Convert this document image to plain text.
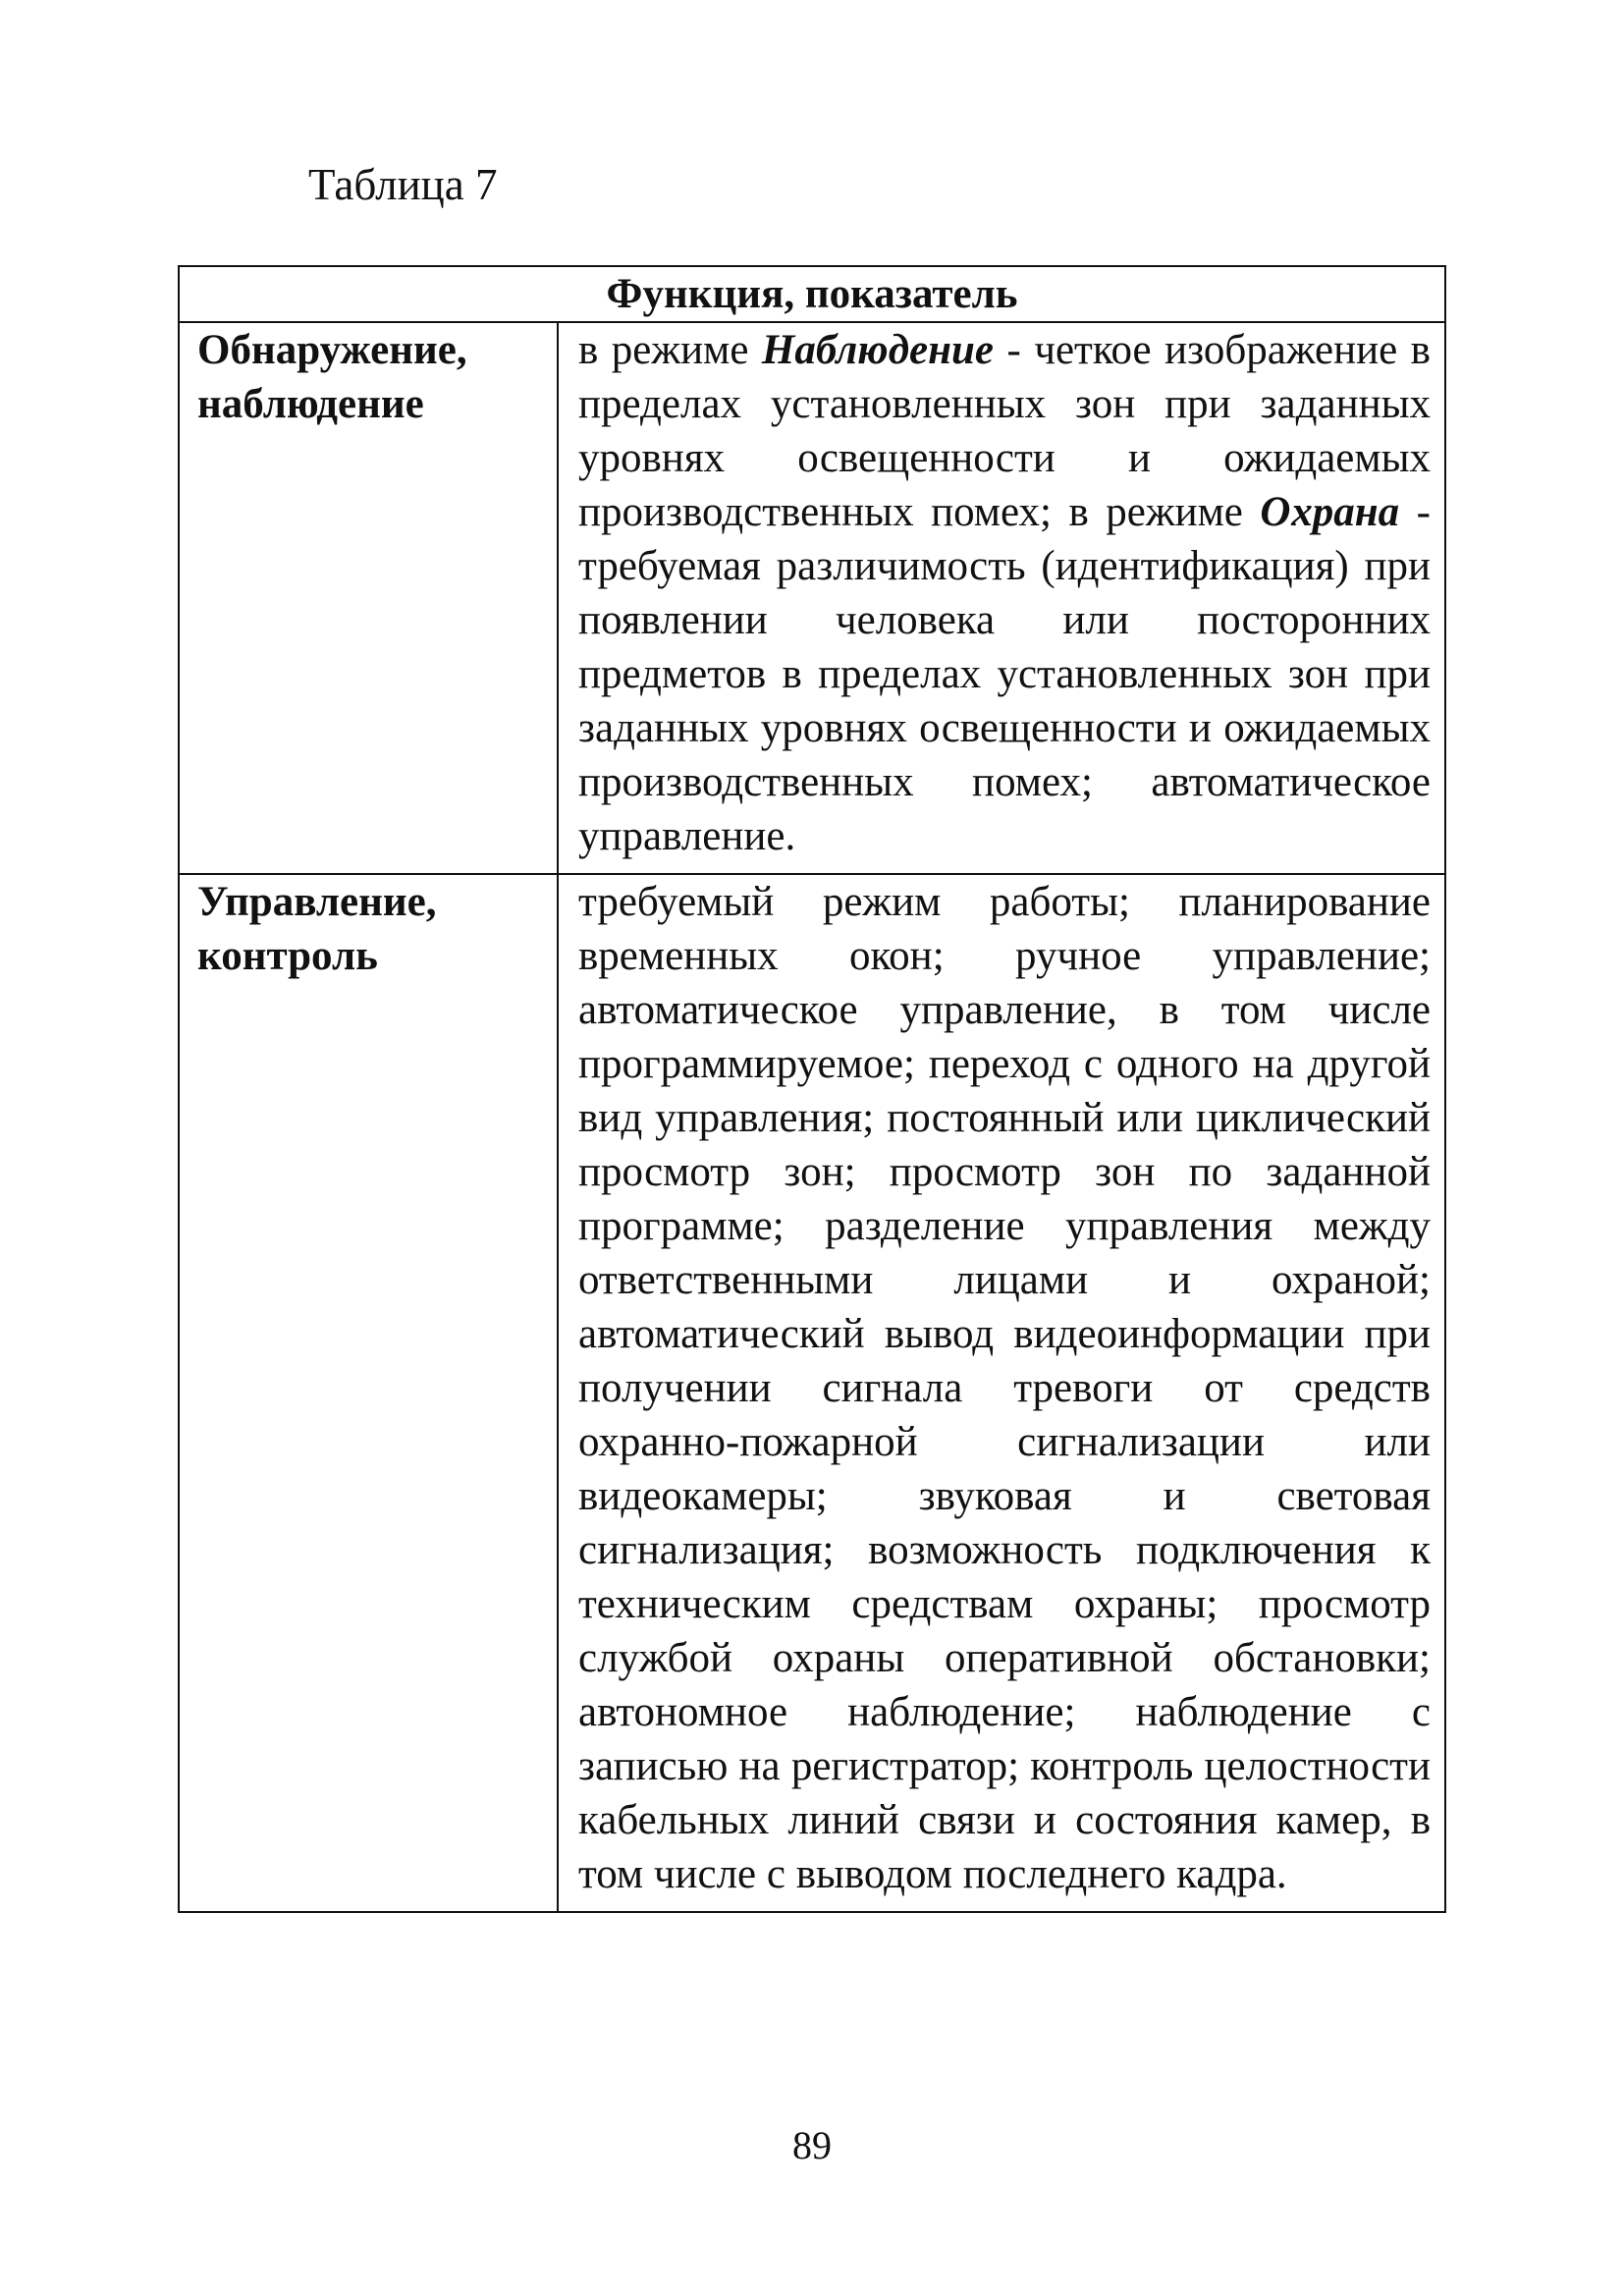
Таблица 7
Функция, показатель	

Обнаружение,
наблюдение	в режиме Наблюдение - четкое изображение в пределах установленных зон при заданных уровнях освещенности и ожидаемых производственных помех; в режиме Охрана - требуемая различимость (идентификация) при появлении человека или посторонних предметов в пределах установленных зон при заданных уровнях освещенности и ожидаемых производственных помех; автоматическое управление.

Управление,
контроль	требуемый режим работы; планирование временных окон; ручное управление; автоматическое управление, в том числе программируемое; переход с одного на другой вид управления; постоянный или циклический просмотр зон; просмотр зон по заданной программе; разделение управления между ответственными лицами и охраной; автоматический вывод видеоинформации при получении сигнала тревоги от средств охранно-пожарной сигнализации или видеокамеры; звуковая и световая сигнализация; возможность подключения к техническим средствам охраны; просмотр службой охраны оперативной обстановки; автономное наблюдение; наблюдение с записью на регистратор; контроль целостности кабельных линий связи и состояния камер, в том числе с выводом последнего кадра.
89
